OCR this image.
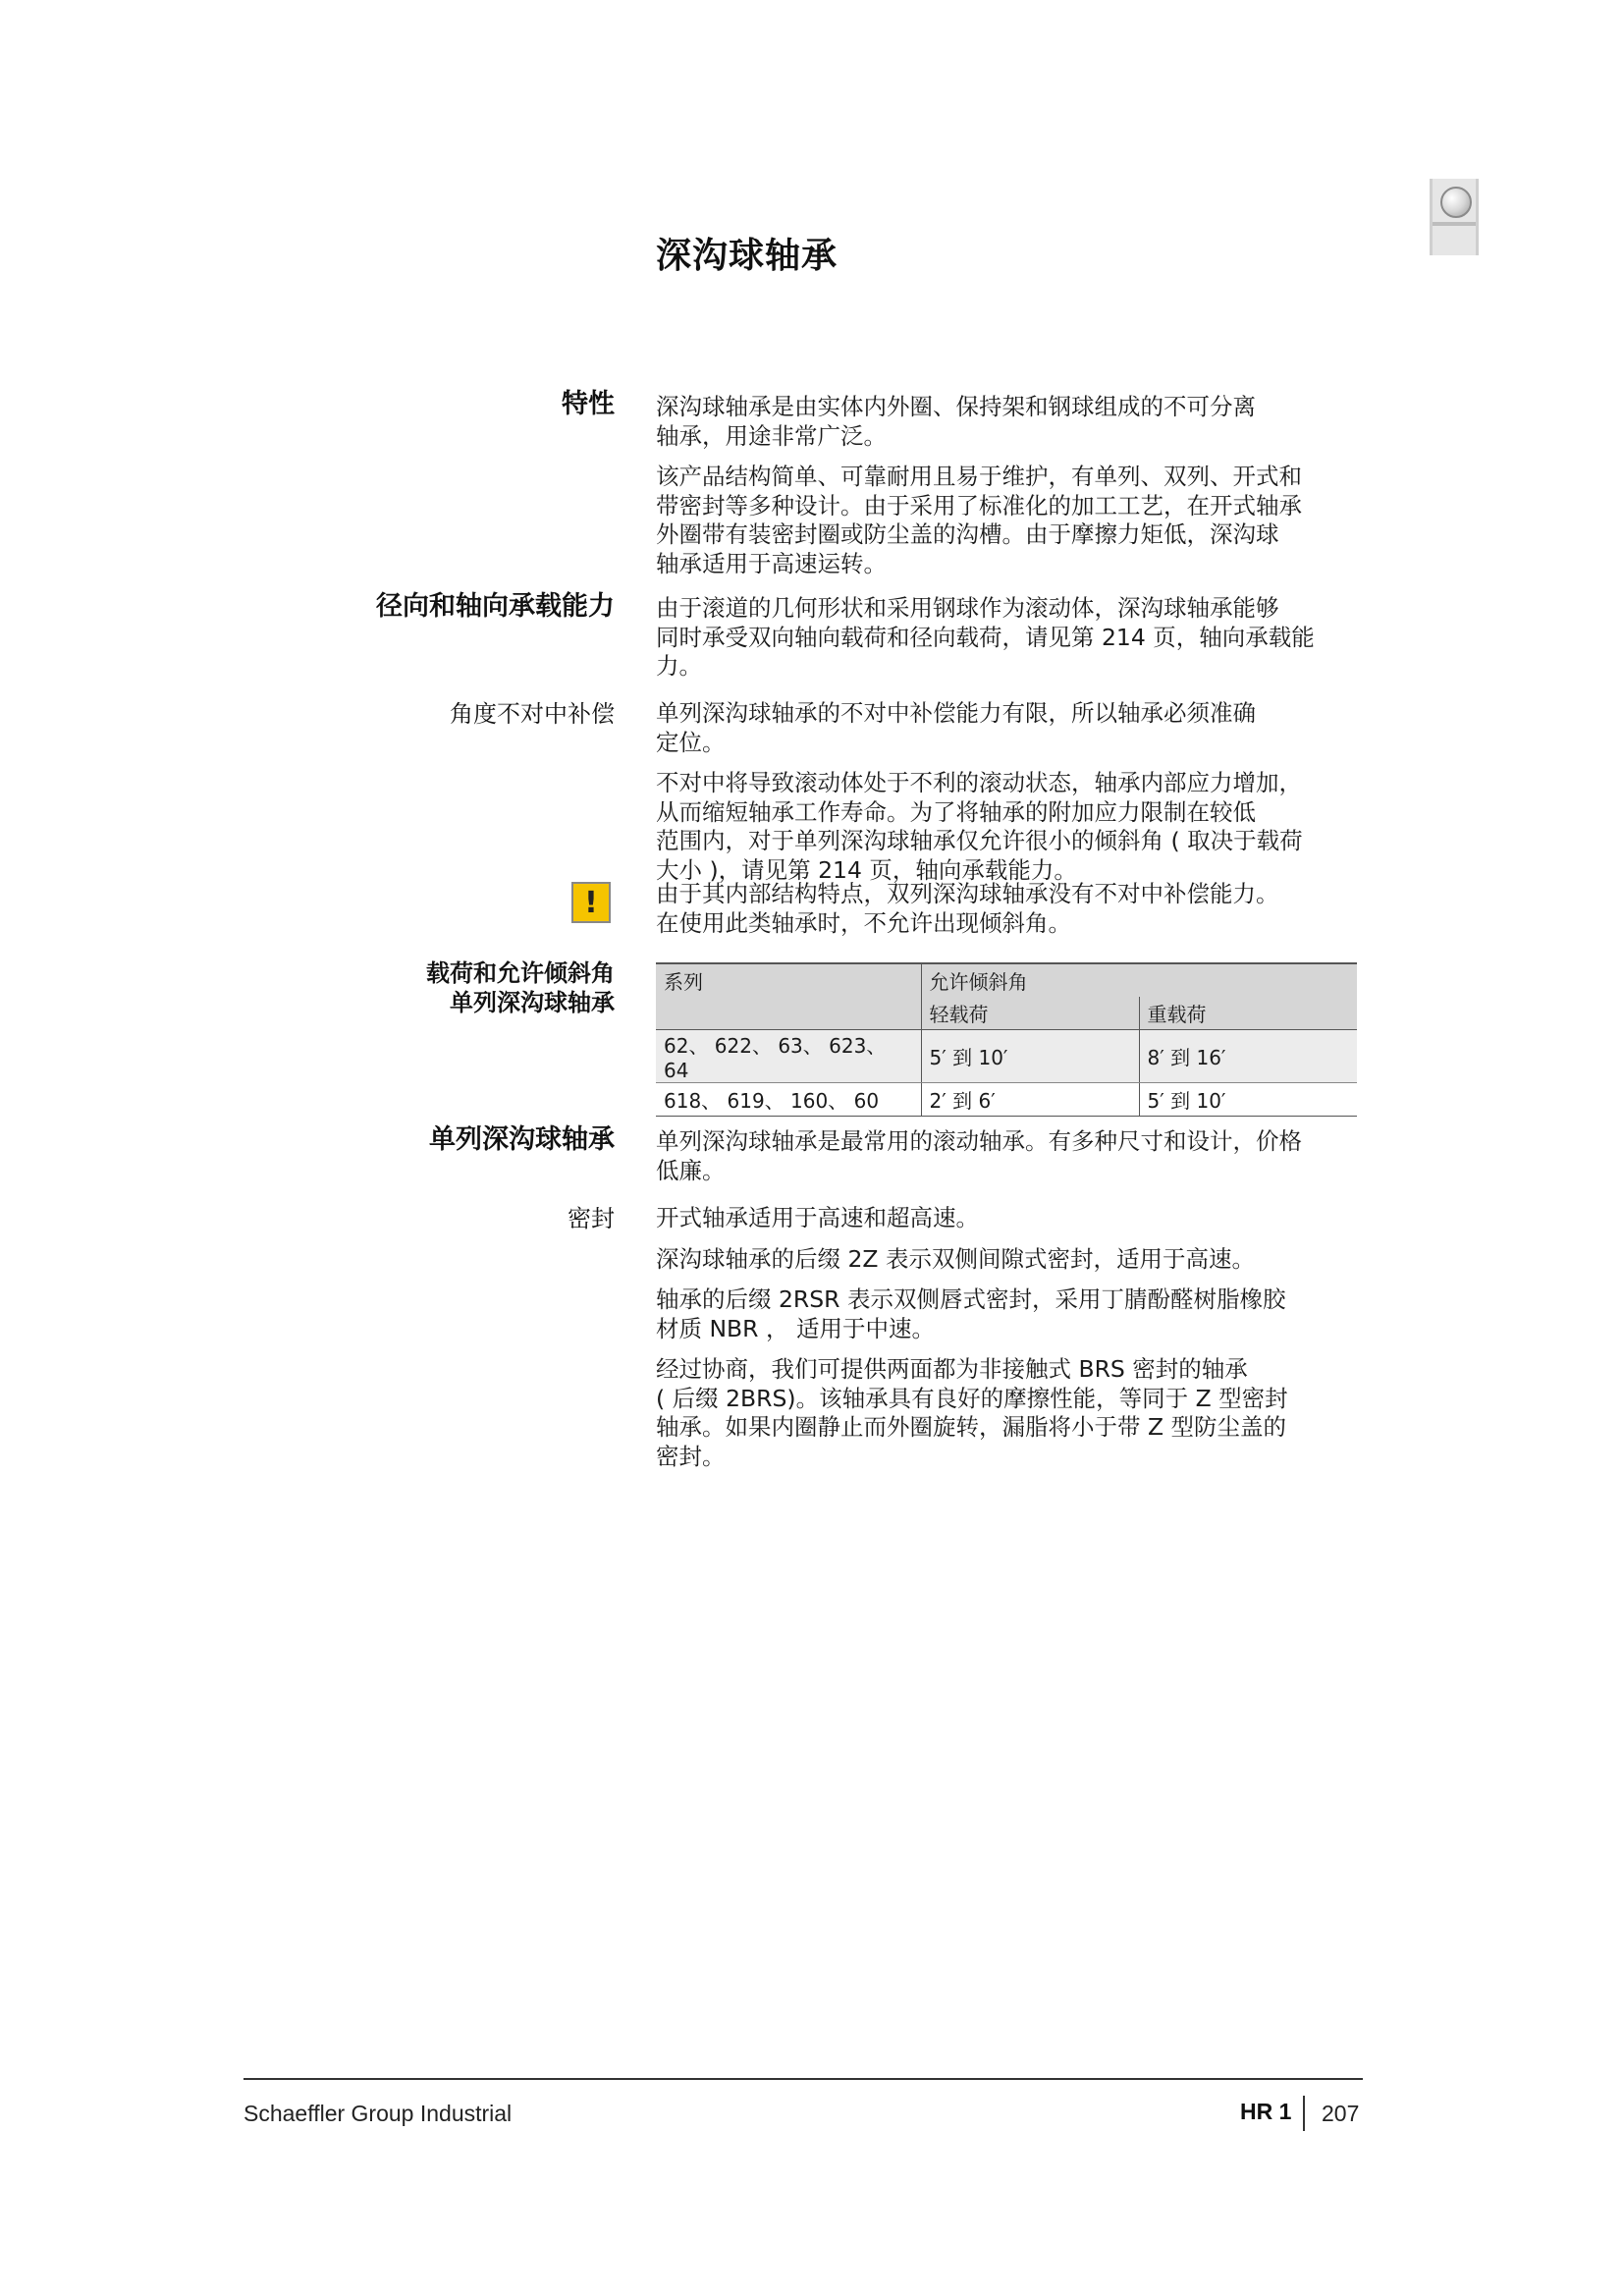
深沟球轴承
特性 深沟球轴承是由实体内外圈、保持架和钢球组成的不可分离
轴承，用途非常广泛。

该产品结构简单、可靠耐用且易于维护，有单列、双列、开式和
带密封等多种设计。由于采用了标准化的加工工艺，在开式轴承
外圈带有装密封圈或防尘盖的沟槽。由于摩擦力矩低，深沟球
轴承适用于高速运转。

径向和轴向承载能力 由于滚道的几何形状和采用钢球作为滚动体，深沟球轴承能够
同时承受双向轴向载荷和径向载荷，请见第 214 页，轴向承载能
力。

角度不对中补偿 单列深沟球轴承的不对中补偿能力有限，所以轴承必须准确
定位。

不对中将导致滚动体处于不利的滚动状态，轴承内部应力增加，
从而缩短轴承工作寿命。为了将轴承的附加应力限制在较低
范围内，对于单列深沟球轴承仅允许很小的倾斜角 ( 取决于载荷
大小 )，请见第 214 页，轴向承载能力。

!	由于其内部结构特点，双列深沟球轴承没有不对中补偿能力。
在使用此类轴承时，不允许出现倾斜角。

载荷和允许倾斜角
单列深沟球轴承
系列	允许倾斜角	
	轻载荷	重载荷
62、 622、 63、 623、 64	5′ 到 10′	8′ 到 16′
618、 619、 160、 60	2′ 到 6′	5′ 到 10′
单列深沟球轴承 单列深沟球轴承是最常用的滚动轴承。有多种尺寸和设计，价格
低廉。

密封 开式轴承适用于高速和超高速。

深沟球轴承的后缀 2Z 表示双侧间隙式密封，适用于高速。

轴承的后缀 2RSR 表示双侧唇式密封，采用丁腈酚醛树脂橡胶
材质 NBR ， 适用于中速。

经过协商，我们可提供两面都为非接触式 BRS 密封的轴承
( 后缀 2BRS)。该轴承具有良好的摩擦性能，等同于 Z 型密封
轴承。如果内圈静止而外圈旋转，漏脂将小于带 Z 型防尘盖的
密封。

Schaeffler Group Industrial	HR 1 207
